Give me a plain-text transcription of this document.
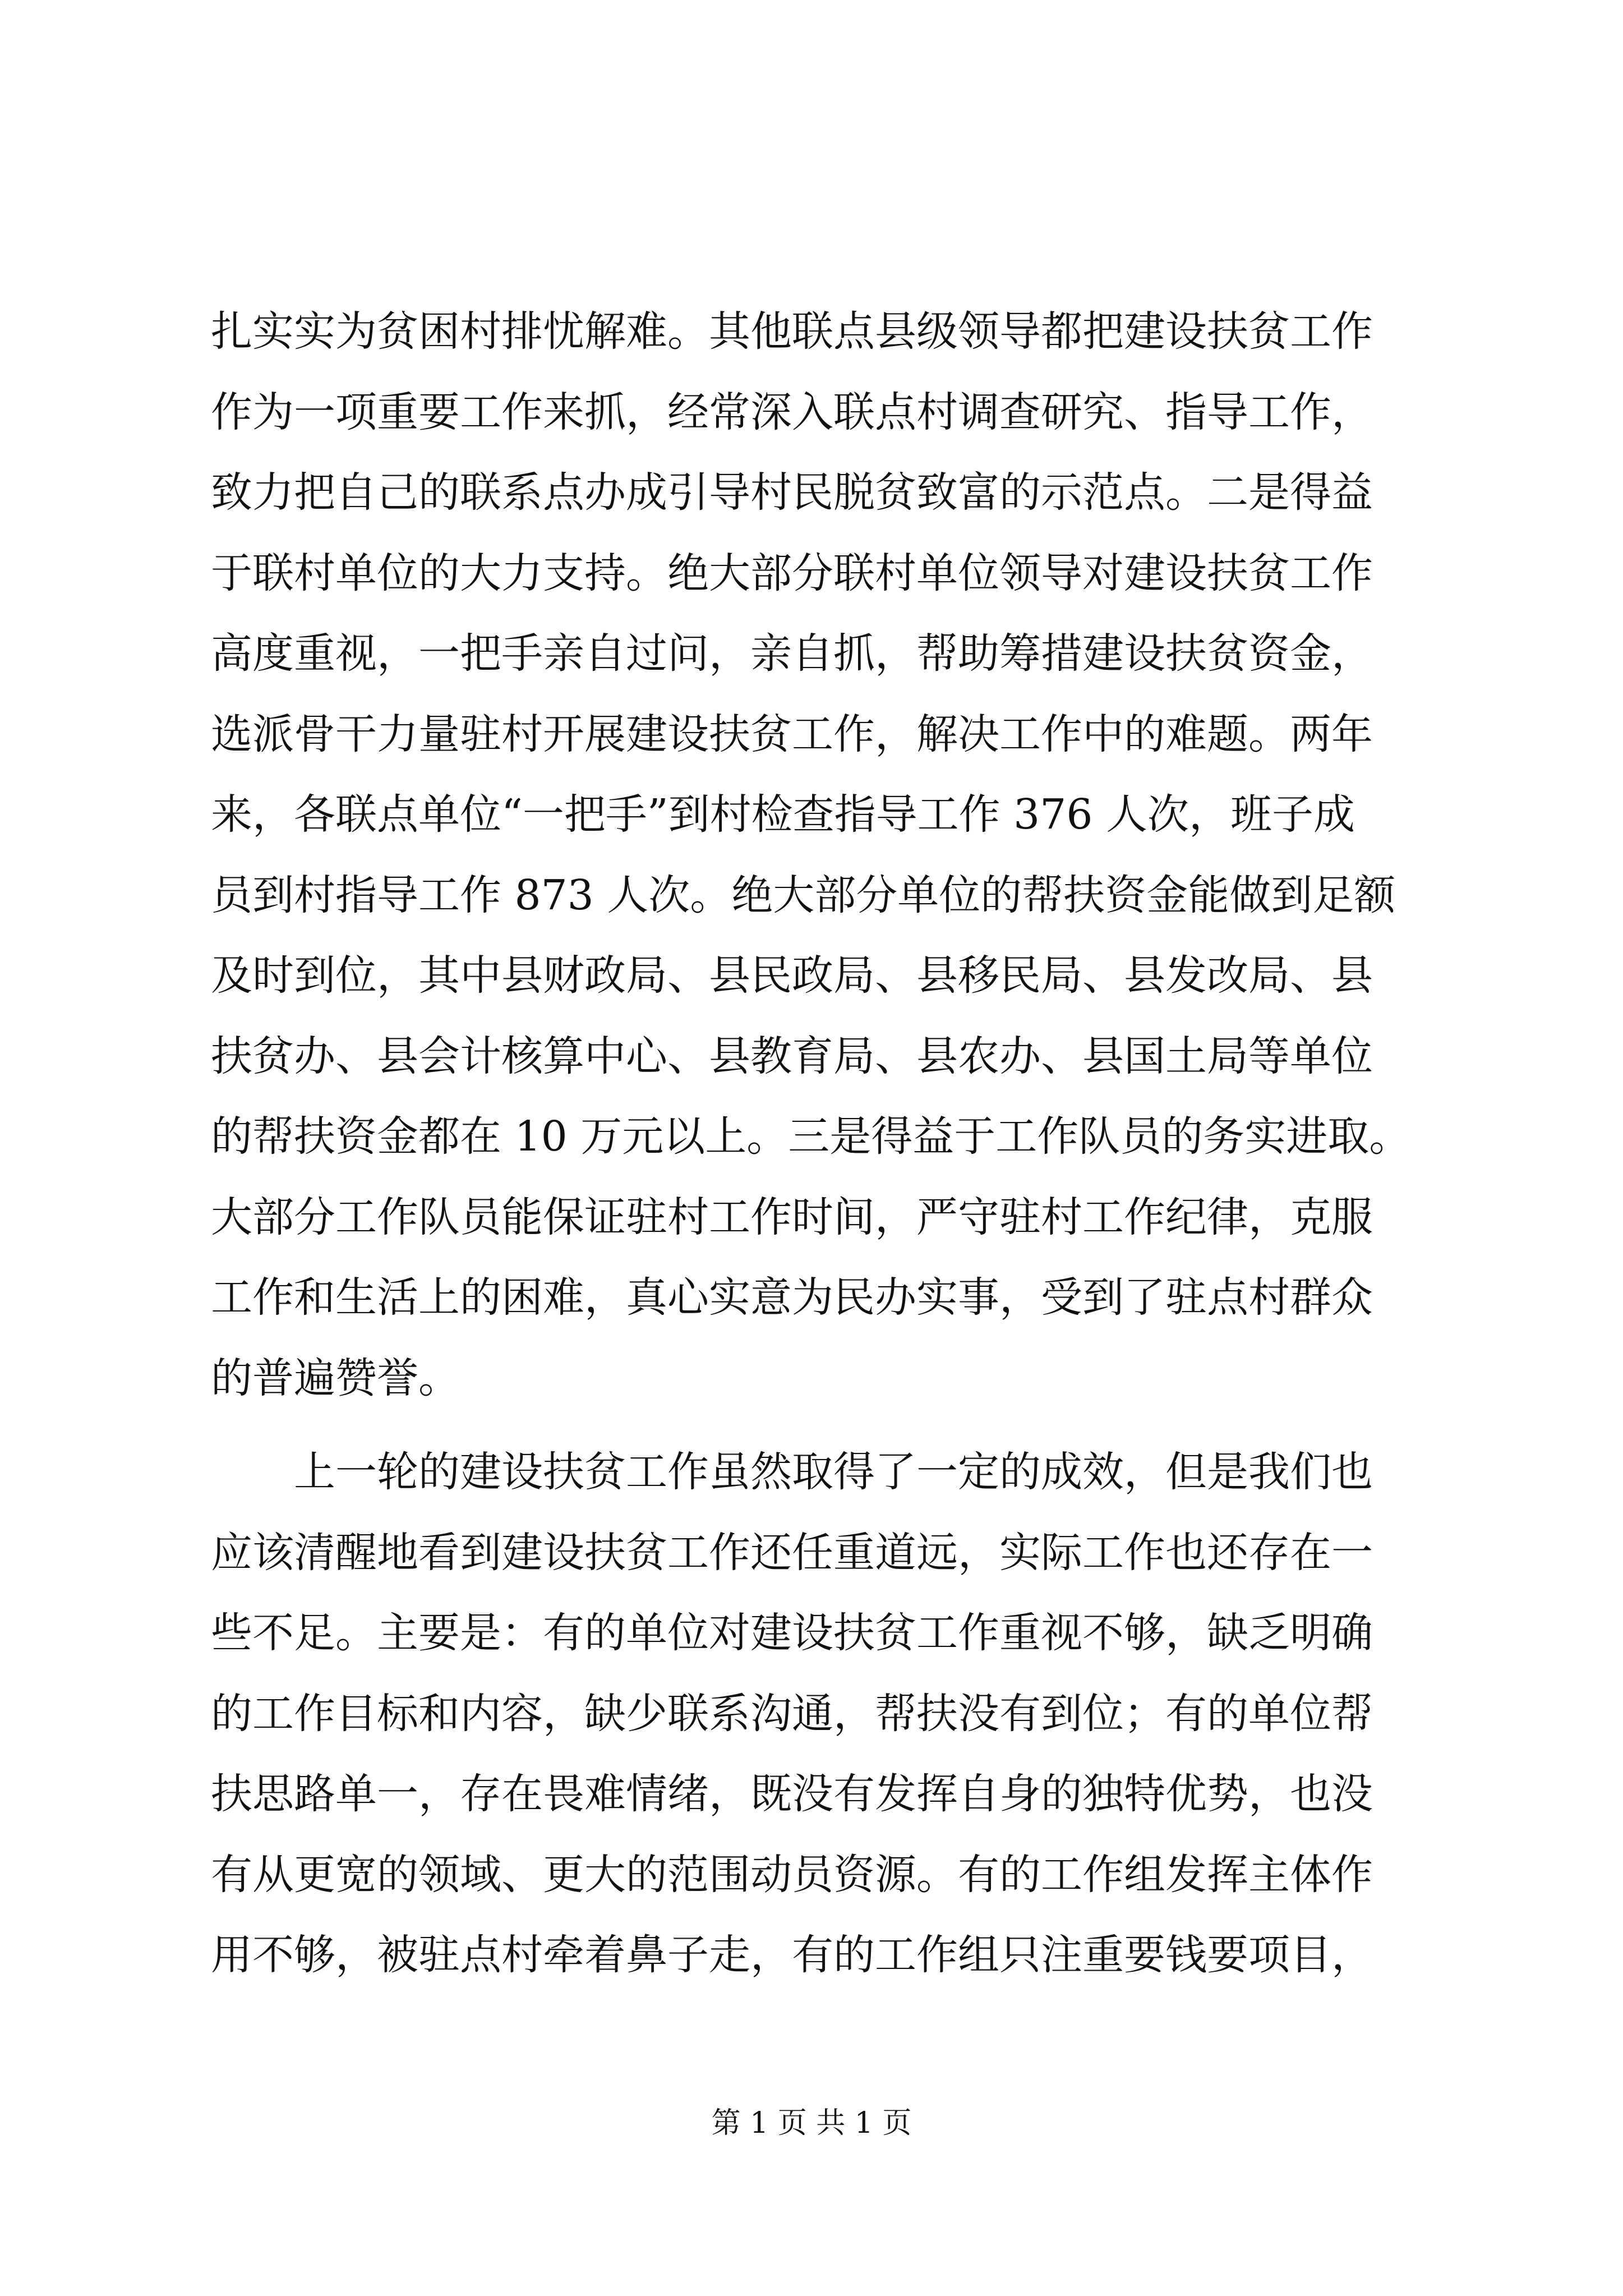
扎实实为贫困村排忧解难。其他联点县级领导都把建设扶贫工作
作为一项重要工作来抓，经常深入联点村调查研究、指导工作，
致力把自己的联系点办成引导村民脱贫致富的示范点。二是得益
于联村单位的大力支持。绝大部分联村单位领导对建设扶贫工作
高度重视，一把手亲自过问，亲自抓，帮助筹措建设扶贫资金，
选派骨干力量驻村开展建设扶贫工作，解决工作中的难题。两年
来，各联点单位“一把手”到村检查指导工作 376 人次，班子成
员到村指导工作 873 人次。绝大部分单位的帮扶资金能做到足额
及时到位，其中县财政局、县民政局、县移民局、县发改局、县
扶贫办、县会计核算中心、县教育局、县农办、县国土局等单位
的帮扶资金都在 10 万元以上。三是得益于工作队员的务实进取。
大部分工作队员能保证驻村工作时间，严守驻村工作纪律，克服
工作和生活上的困难，真心实意为民办实事，受到了驻点村群众
的普遍赞誉。
上一轮的建设扶贫工作虽然取得了一定的成效，但是我们也
应该清醒地看到建设扶贫工作还任重道远，实际工作也还存在一
些不足。主要是：有的单位对建设扶贫工作重视不够，缺乏明确
的工作目标和内容，缺少联系沟通，帮扶没有到位；有的单位帮
扶思路单一，存在畏难情绪，既没有发挥自身的独特优势，也没
有从更宽的领域、更大的范围动员资源。有的工作组发挥主体作
用不够，被驻点村牵着鼻子走，有的工作组只注重要钱要项目，
第 1 页 共 1 页
